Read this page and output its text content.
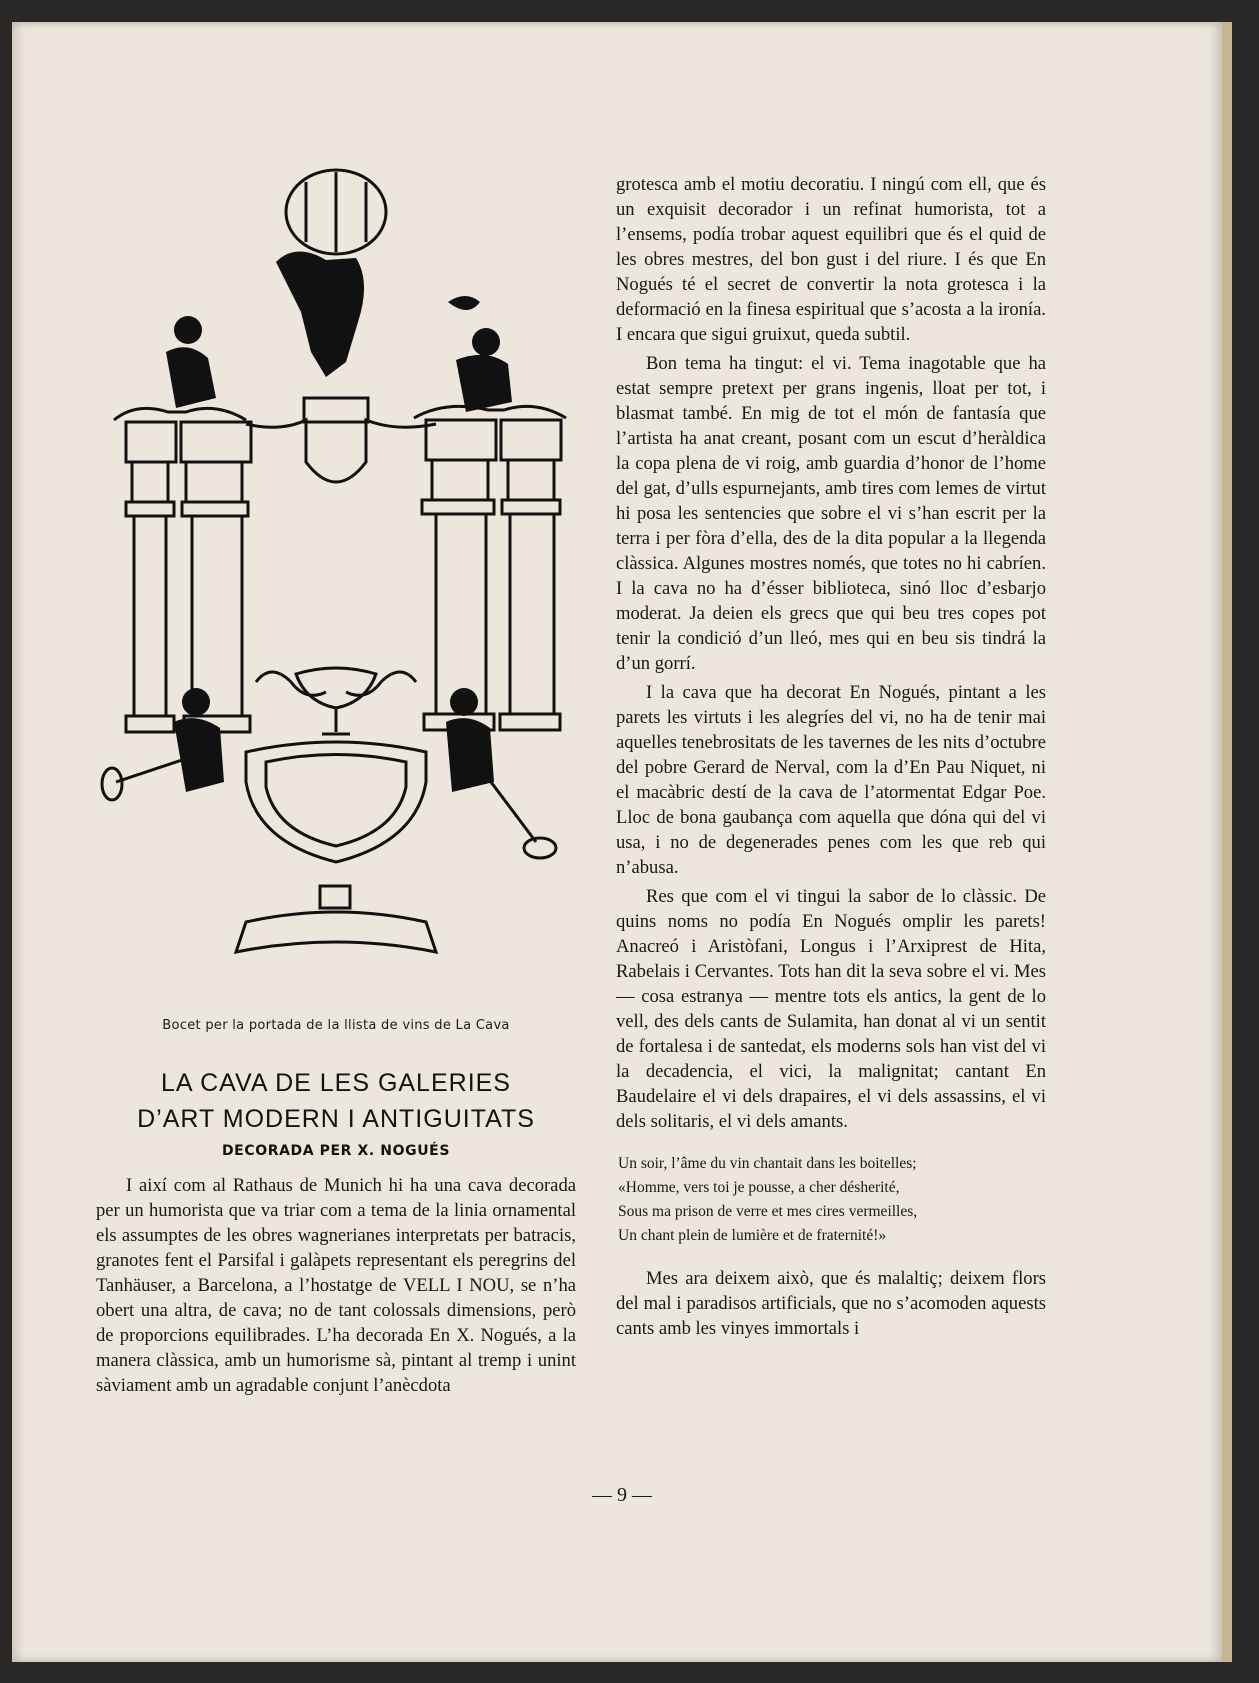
Bocet per la portada de la llista de vins de La Cava
LA CAVA DE LES GALERIES
D’ART MODERN I ANTIGUITATS
DECORADA PER X. NOGUÉS

I així com al Rathaus de Munich hi ha una cava decorada per un humorista que va triar com a tema de la linia ornamental els assumptes de les obres wagnerianes interpretats per batracis, granotes fent el Parsifal i galàpets representant els peregrins del Tanhäuser, a Barcelona, a l’hostatge de VELL I NOU, se n’ha obert una altra, de cava; no de tant colossals dimensions, però de proporcions equilibrades. L’ha decorada En X. Nogués, a la manera clàssica, amb un humorisme sà, pintant al tremp i unint sàviament amb un agradable conjunt l’anècdota

grotesca amb el motiu decoratiu. I ningú com ell, que és un exquisit decorador i un refinat humorista, tot a l’ensems, podía trobar aquest equilibri que és el quid de les obres mestres, del bon gust i del riure. I és que En Nogués té el secret de convertir la nota grotesca i la deformació en la finesa espiritual que s’acosta a la ironía. I encara que sigui gruixut, queda subtil.

Bon tema ha tingut: el vi. Tema inagotable que ha estat sempre pretext per grans ingenis, lloat per tot, i blasmat també. En mig de tot el món de fantasía que l’artista ha anat creant, posant com un escut d’heràldica la copa plena de vi roig, amb guardia d’honor de l’home del gat, d’ulls espurnejants, amb tires com lemes de virtut hi posa les sentencies que sobre el vi s’han escrit per la terra i per fòra d’ella, des de la dita popular a la llegenda clàssica. Algunes mostres només, que totes no hi cabríen. I la cava no ha d’ésser biblioteca, sinó lloc d’esbarjo moderat. Ja deien els grecs que qui beu tres copes pot tenir la condició d’un lleó, mes qui en beu sis tindrá la d’un gorrí.

I la cava que ha decorat En Nogués, pintant a les parets les virtuts i les alegríes del vi, no ha de tenir mai aquelles tenebrositats de les tavernes de les nits d’octubre del pobre Gerard de Nerval, com la d’En Pau Niquet, ni el macàbric destí de la cava de l’atormentat Edgar Poe. Lloc de bona gaubança com aquella que dóna qui del vi usa, i no de degenerades penes com les que reb qui n’abusa.

Res que com el vi tingui la sabor de lo clàssic. De quins noms no podía En Nogués omplir les parets! Anacreó i Aristòfani, Longus i l’Arxiprest de Hita, Rabelais i Cervantes. Tots han dit la seva sobre el vi. Mes — cosa estranya — mentre tots els antics, la gent de lo vell, des dels cants de Sulamita, han donat al vi un sentit de fortalesa i de santedat, els moderns sols han vist del vi la decadencia, el vici, la malignitat; cantant En Baudelaire el vi dels drapaires, el vi dels assassins, el vi dels solitaris, el vi dels amants.

Un soir, l’âme du vin chantait dans les boitelles;
«Homme, vers toi je pousse, a cher désherité,
Sous ma prison de verre et mes cires vermeilles,
Un chant plein de lumière et de fraternité!»

Mes ara deixem això, que és malaltiç; deixem flors del mal i paradisos artificials, que no s’acomoden aquests cants amb les vinyes immortals i

— 9 —
